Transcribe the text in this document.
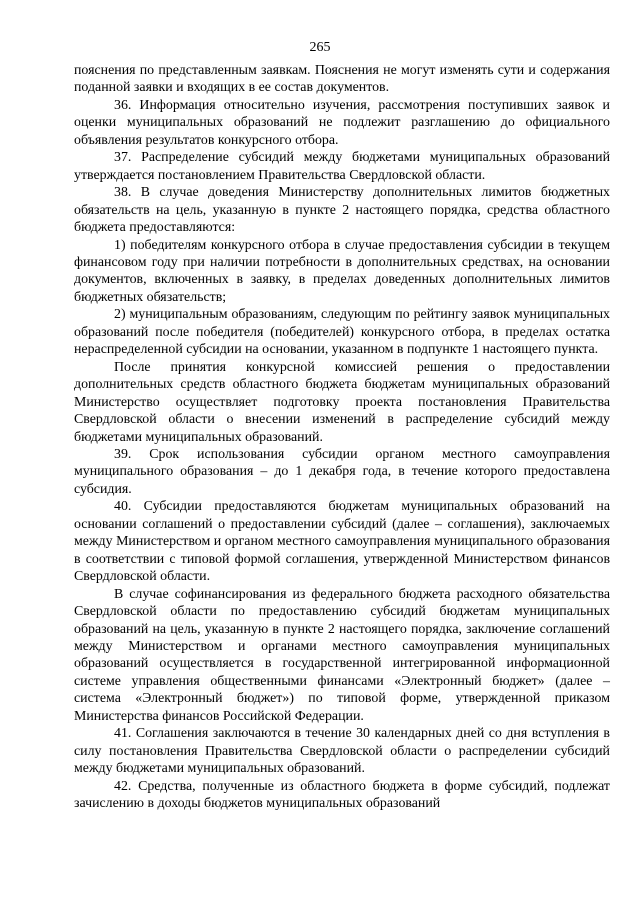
265

пояснения по представленным заявкам. Пояснения не могут изменять сути и содержания поданной заявки и входящих в ее состав документов.

36. Информация относительно изучения, рассмотрения поступивших заявок и оценки муниципальных образований не подлежит разглашению до официального объявления результатов конкурсного отбора.

37. Распределение субсидий между бюджетами муниципальных образований утверждается постановлением Правительства Свердловской области.

38. В случае доведения Министерству дополнительных лимитов бюджетных обязательств на цель, указанную в пункте 2 настоящего порядка, средства областного бюджета предоставляются:

1) победителям конкурсного отбора в случае предоставления субсидии в текущем финансовом году при наличии потребности в дополнительных средствах, на основании документов, включенных в заявку, в пределах доведенных дополнительных лимитов бюджетных обязательств;

2) муниципальным образованиям, следующим по рейтингу заявок муниципальных образований после победителя (победителей) конкурсного отбора, в пределах остатка нераспределенной субсидии на основании, указанном в подпункте 1 настоящего пункта.

После принятия конкурсной комиссией решения о предоставлении дополнительных средств областного бюджета бюджетам муниципальных образований Министерство осуществляет подготовку проекта постановления Правительства Свердловской области о внесении изменений в распределение субсидий между бюджетами муниципальных образований.

39. Срок использования субсидии органом местного самоуправления муниципального образования – до 1 декабря года, в течение которого предоставлена субсидия.

40. Субсидии предоставляются бюджетам муниципальных образований на основании соглашений о предоставлении субсидий (далее – соглашения), заключаемых между Министерством и органом местного самоуправления муниципального образования в соответствии с типовой формой соглашения, утвержденной Министерством финансов Свердловской области.

В случае софинансирования из федерального бюджета расходного обязательства Свердловской области по предоставлению субсидий бюджетам муниципальных образований на цель, указанную в пункте 2 настоящего порядка, заключение соглашений между Министерством и органами местного самоуправления муниципальных образований осуществляется в государственной интегрированной информационной системе управления общественными финансами «Электронный бюджет» (далее – система «Электронный бюджет») по типовой форме, утвержденной приказом Министерства финансов Российской Федерации.

41. Соглашения заключаются в течение 30 календарных дней со дня вступления в силу постановления Правительства Свердловской области о распределении субсидий между бюджетами муниципальных образований.

42. Средства, полученные из областного бюджета в форме субсидий, подлежат зачислению в доходы бюджетов муниципальных образований
